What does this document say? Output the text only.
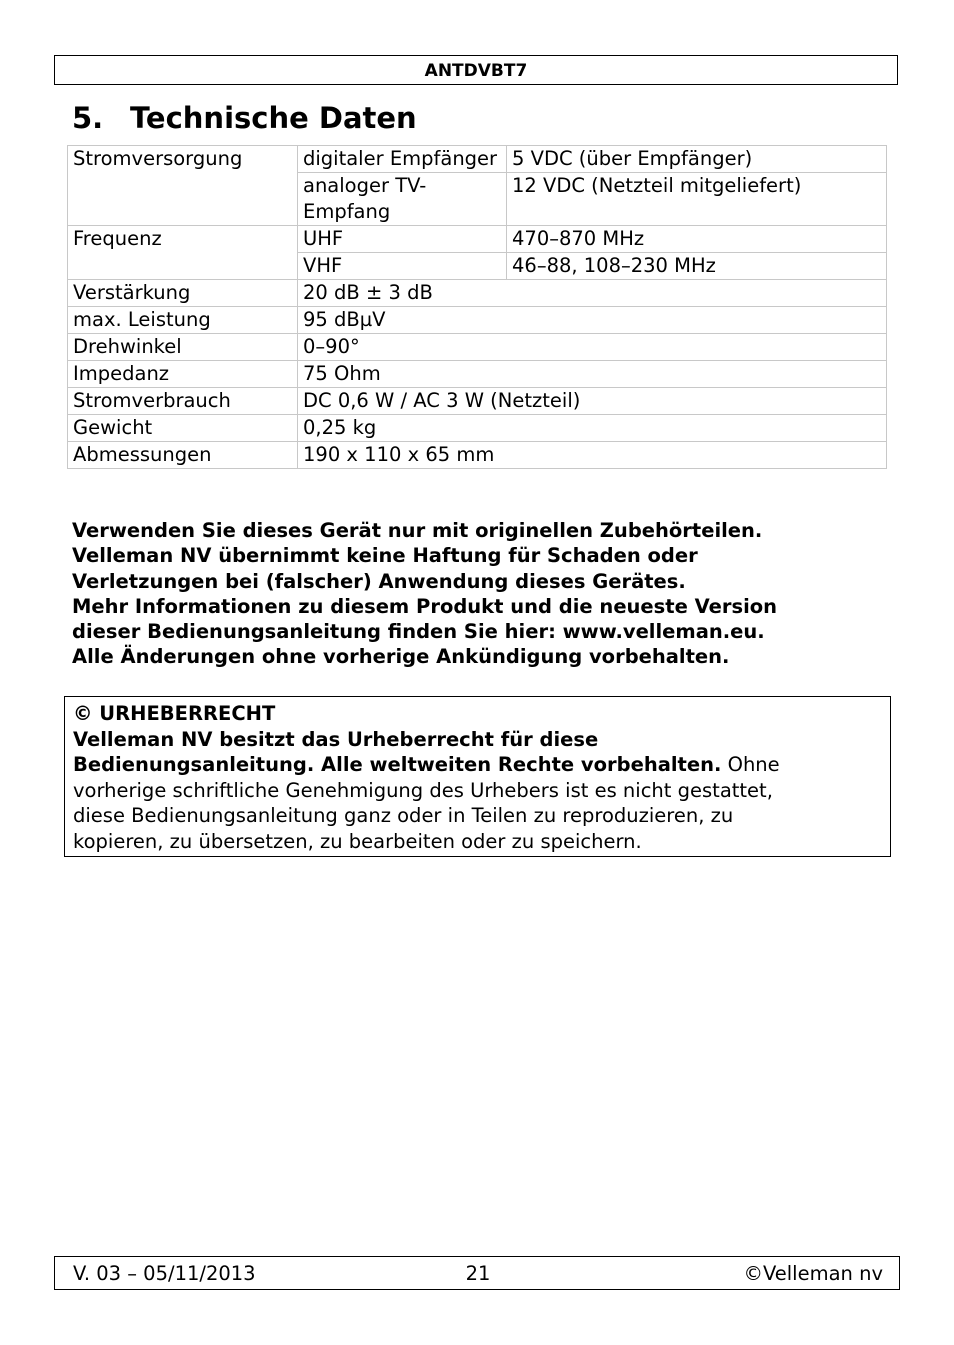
ANTDVBT7
5. Technische Daten
Stromversorgung	digitaler Empfänger	5 VDC (über Empfänger)
	analoger TV-Empfang	12 VDC (Netzteil mitgeliefert)
Frequenz	UHF	470–870 MHz
	VHF	46–88, 108–230 MHz
Verstärkung	20 dB ± 3 dB	
max. Leistung	95 dBµV	
Drehwinkel	0–90°	
Impedanz	75 Ohm	
Stromverbrauch	DC 0,6 W / AC 3 W (Netzteil)	
Gewicht	0,25 kg	
Abmessungen	190 x 110 x 65 mm	
Verwenden Sie dieses Gerät nur mit originellen Zubehörteilen.
Velleman NV übernimmt keine Haftung für Schaden oder
Verletzungen bei (falscher) Anwendung dieses Gerätes.
Mehr Informationen zu diesem Produkt und die neueste Version
dieser Bedienungsanleitung finden Sie hier: www.velleman.eu.
Alle Änderungen ohne vorherige Ankündigung vorbehalten.
© URHEBERRECHT
Velleman NV besitzt das Urheberrecht für diese
Bedienungsanleitung. Alle weltweiten Rechte vorbehalten. Ohne
vorherige schriftliche Genehmigung des Urhebers ist es nicht gestattet,
diese Bedienungsanleitung ganz oder in Teilen zu reproduzieren, zu
kopieren, zu übersetzen, zu bearbeiten oder zu speichern.
V. 03 – 05/11/2013	21	©Velleman nv
